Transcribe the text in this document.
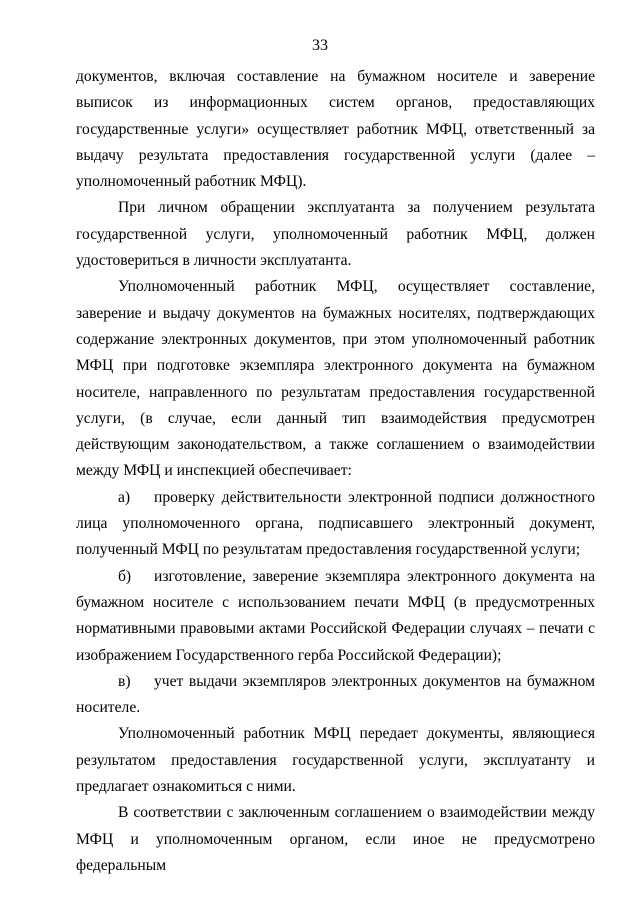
33

документов, включая составление на бумажном носителе и заверение выписок из информационных систем органов, предоставляющих государственные услуги» осуществляет работник МФЦ, ответственный за выдачу результата предоставления государственной услуги (далее – уполномоченный работник МФЦ).

При личном обращении эксплуатанта за получением результата государственной услуги, уполномоченный работник МФЦ, должен удостовериться в личности эксплуатанта.

Уполномоченный работник МФЦ, осуществляет составление, заверение и выдачу документов на бумажных носителях, подтверждающих содержание электронных документов, при этом уполномоченный работник МФЦ при подготовке экземпляра электронного документа на бумажном носителе, направленного по результатам предоставления государственной услуги, (в случае, если данный тип взаимодействия предусмотрен действующим законодательством, а также соглашением о взаимодействии между МФЦ и инспекцией обеспечивает:

а) проверку действительности электронной подписи должностного лица уполномоченного органа, подписавшего электронный документ, полученный МФЦ по результатам предоставления государственной услуги;

б) изготовление, заверение экземпляра электронного документа на бумажном носителе с использованием печати МФЦ (в предусмотренных нормативными правовыми актами Российской Федерации случаях – печати с изображением Государственного герба Российской Федерации);

в) учет выдачи экземпляров электронных документов на бумажном носителе.

Уполномоченный работник МФЦ передает документы, являющиеся результатом предоставления государственной услуги, эксплуатанту и предлагает ознакомиться с ними.

В соответствии с заключенным соглашением о взаимодействии между МФЦ и уполномоченным органом, если иное не предусмотрено федеральным
